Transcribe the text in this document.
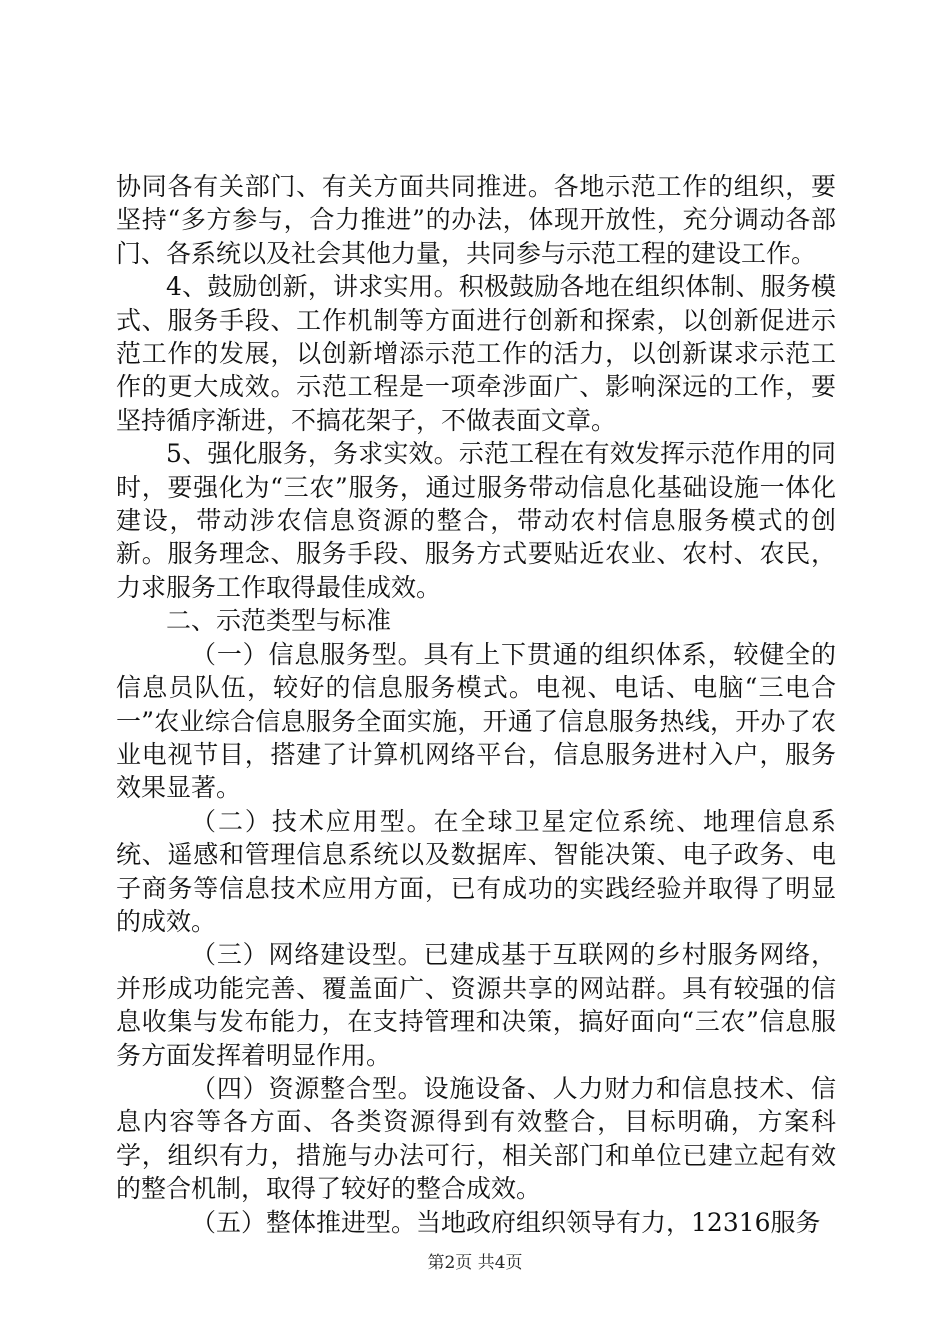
协同各有关部门、有关方面共同推进。各地示范工作的组织，要坚持“多方参与，合力推进”的办法，体现开放性，充分调动各部门、各系统以及社会其他力量，共同参与示范工程的建设工作。

4、鼓励创新，讲求实用。积极鼓励各地在组织体制、服务模式、服务手段、工作机制等方面进行创新和探索，以创新促进示范工作的发展，以创新增添示范工作的活力，以创新谋求示范工作的更大成效。示范工程是一项牵涉面广、影响深远的工作，要坚持循序渐进，不搞花架子，不做表面文章。

5、强化服务，务求实效。示范工程在有效发挥示范作用的同时，要强化为“三农”服务，通过服务带动信息化基础设施一体化建设，带动涉农信息资源的整合，带动农村信息服务模式的创新。服务理念、服务手段、服务方式要贴近农业、农村、农民，力求服务工作取得最佳成效。

二、示范类型与标准

（一）信息服务型。具有上下贯通的组织体系，较健全的信息员队伍，较好的信息服务模式。电视、电话、电脑“三电合一”农业综合信息服务全面实施，开通了信息服务热线，开办了农业电视节目，搭建了计算机网络平台，信息服务进村入户，服务效果显著。

（二）技术应用型。在全球卫星定位系统、地理信息系统、遥感和管理信息系统以及数据库、智能决策、电子政务、电子商务等信息技术应用方面，已有成功的实践经验并取得了明显的成效。

（三）网络建设型。已建成基于互联网的乡村服务网络，并形成功能完善、覆盖面广、资源共享的网站群。具有较强的信息收集与发布能力，在支持管理和决策，搞好面向“三农”信息服务方面发挥着明显作用。

（四）资源整合型。设施设备、人力财力和信息技术、信息内容等各方面、各类资源得到有效整合，目标明确，方案科学，组织有力，措施与办法可行，相关部门和单位已建立起有效的整合机制，取得了较好的整合成效。

（五）整体推进型。当地政府组织领导有力，12316服务

第2页 共4页
